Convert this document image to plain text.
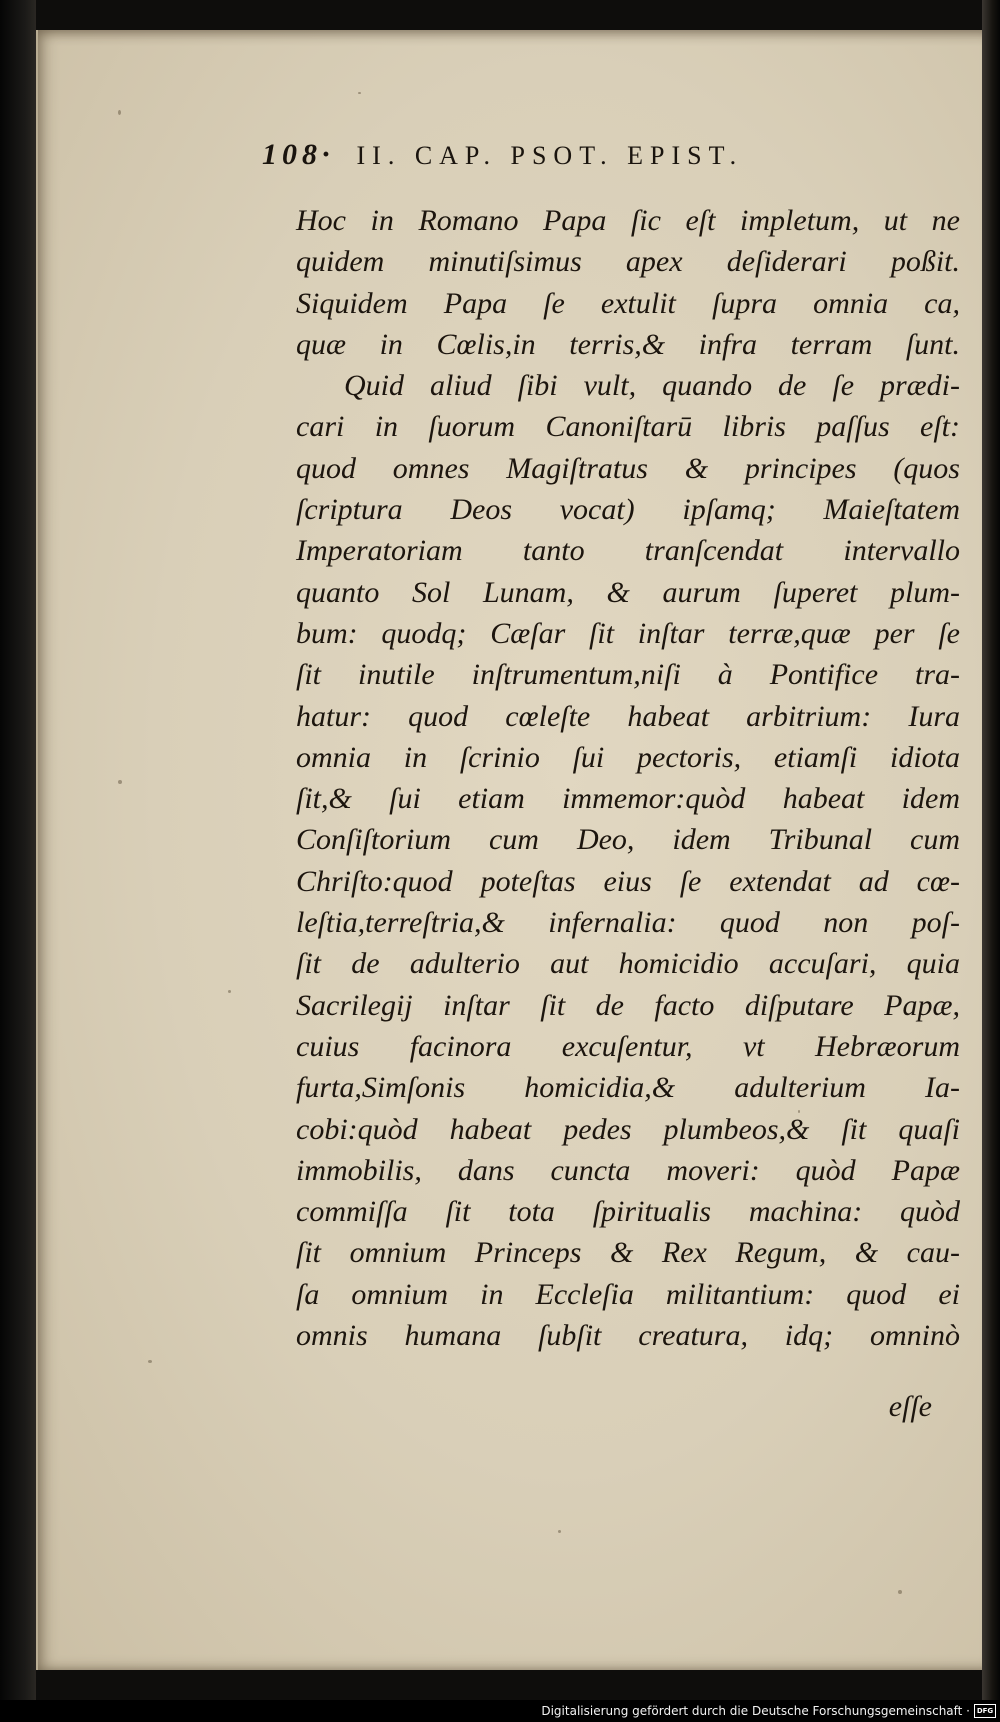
108· II. CAP. PSOT. EPIST.
Hoc in Romano Papa ſic eſt impletum, ut ne
quidem minutiſsimus apex deſiderari poßit.
Siquidem Papa ſe extulit ſupra omnia ca,
quæ in Cœlis,in terris,& infra terram ſunt.
Quid aliud ſibi vult, quando de ſe prædi-
cari in ſuorum Canoniſtarū libris paſſus eſt:
quod omnes Magiſtratus & principes (quos
ſcriptura Deos vocat) ipſamq; Maieſtatem
Imperatoriam tanto tranſcendat intervallo
quanto Sol Lunam, & aurum ſuperet plum-
bum: quodq; Cæſar ſit inſtar terræ,quæ per ſe
ſit inutile inſtrumentum,niſi à Pontifice tra-
hatur: quod cœleſte habeat arbitrium: Iura
omnia in ſcrinio ſui pectoris, etiamſi idiota
ſit,& ſui etiam immemor:quòd habeat idem
Conſiſtorium cum Deo, idem Tribunal cum
Chriſto:quod poteſtas eius ſe extendat ad cœ-
leſtia,terreſtria,& infernalia: quod non poſ-
ſit de adulterio aut homicidio accuſari, quia
Sacrilegij inſtar ſit de facto diſputare Papæ,
cuius facinora excuſentur, vt Hebræorum
furta,Simſonis homicidia,& adulterium Ia-
cobi:quòd habeat pedes plumbeos,& ſit quaſi
immobilis, dans cuncta moveri: quòd Papæ
commiſſa ſit tota ſpiritualis machina: quòd
ſit omnium Princeps & Rex Regum, & cau-
ſa omnium in Eccleſia militantium: quod ei
omnis humana ſubſit creatura, idq; omninò
eſſe
Digitalisierung gefördert durch die Deutsche Forschungsgemeinschaft · DFG
